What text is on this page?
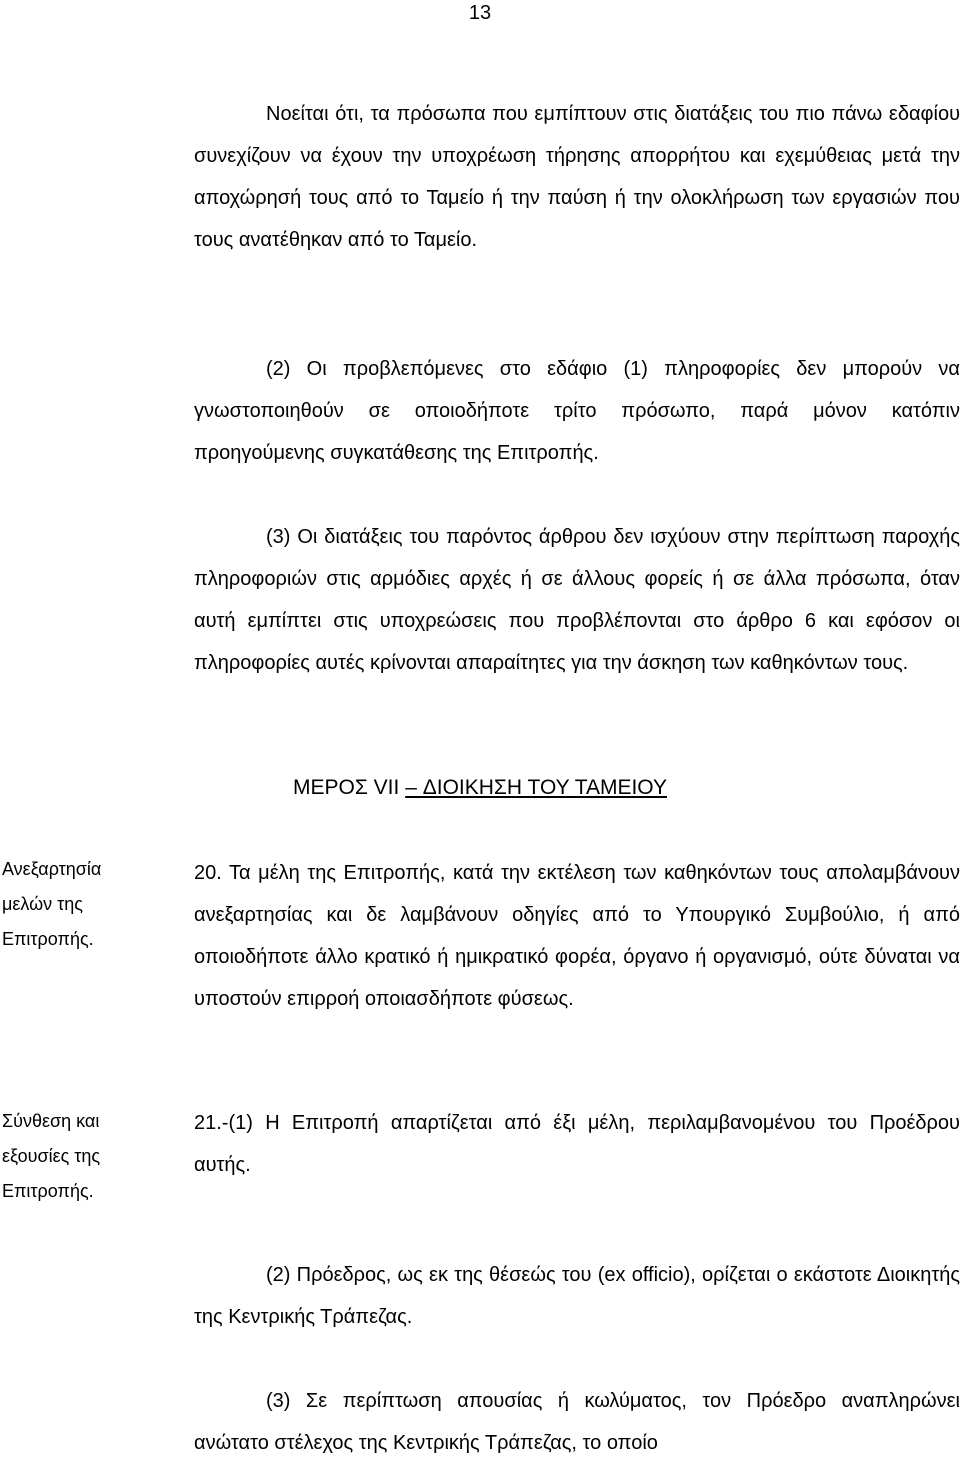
13

Νοείται ότι, τα πρόσωπα που εμπίπτουν στις διατάξεις του πιο πάνω εδαφίου συνεχίζουν να έχουν την υποχρέωση τήρησης απορρήτου και εχεμύθειας μετά την αποχώρησή τους από το Ταμείο ή την παύση ή την ολοκλήρωση των εργασιών που τους ανατέθηκαν από το Ταμείο.

(2) Οι προβλεπόμενες στο εδάφιο (1) πληροφορίες δεν μπορούν να γνωστοποιηθούν σε οποιοδήποτε τρίτο πρόσωπο, παρά μόνον κατόπιν προηγούμενης συγκατάθεσης της Επιτροπής.

(3) Οι διατάξεις του παρόντος άρθρου δεν ισχύουν στην περίπτωση παροχής πληροφοριών στις αρμόδιες αρχές ή σε άλλους φορείς ή σε άλλα πρόσωπα, όταν αυτή εμπίπτει στις υποχρεώσεις που προβλέπονται στο άρθρο 6 και εφόσον οι πληροφορίες αυτές κρίνονται απαραίτητες για την άσκηση των καθηκόντων τους.

ΜΕΡΟΣ VII – ΔΙΟΙΚΗΣΗ ΤΟΥ ΤΑΜΕΙΟΥ

Ανεξαρτησία μελών της Επιτροπής.

20. Τα μέλη της Επιτροπής, κατά την εκτέλεση των καθηκόντων τους απολαμβάνουν ανεξαρτησίας και δε λαμβάνουν οδηγίες από το Υπουργικό Συμβούλιο, ή από οποιοδήποτε άλλο κρατικό ή ημικρατικό φορέα, όργανο ή οργανισμό, ούτε δύναται να υποστούν επιρροή οποιασδήποτε φύσεως.

Σύνθεση και εξουσίες της Επιτροπής.

21.-(1) Η Επιτροπή απαρτίζεται από έξι μέλη, περιλαμβανομένου του Προέδρου αυτής.

(2) Πρόεδρος, ως εκ της θέσεώς του (ex officio), ορίζεται ο εκάστοτε Διοικητής της Κεντρικής Τράπεζας.

(3) Σε περίπτωση απουσίας ή κωλύματος, τον Πρόεδρο αναπληρώνει ανώτατο στέλεχος της Κεντρικής Τράπεζας, το οποίο
